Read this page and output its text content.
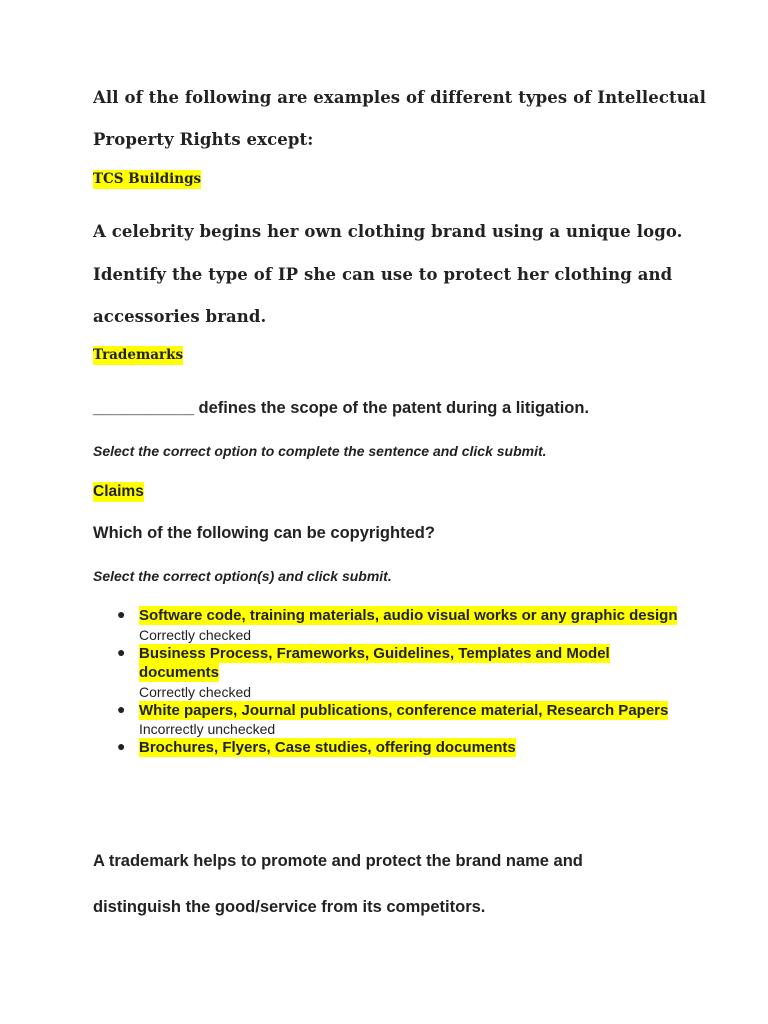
All of the following are examples of different types of Intellectual
Property Rights except:
TCS Buildings
A celebrity begins her own clothing brand using a unique logo.
Identify the type of IP she can use to protect her clothing and
accessories brand.
Trademarks
___________ defines the scope of the patent during a litigation.
Select the correct option to complete the sentence and click submit.
Claims
Which of the following can be copyrighted?
Select the correct option(s) and click submit.
● Software code, training materials, audio visual works or any graphic design
Correctly checked
● Business Process, Frameworks, Guidelines, Templates and Model documents
Correctly checked
● White papers, Journal publications, conference material, Research Papers
Incorrectly unchecked
● Brochures, Flyers, Case studies, offering documents
A trademark helps to promote and protect the brand name and
distinguish the good/service from its competitors.
